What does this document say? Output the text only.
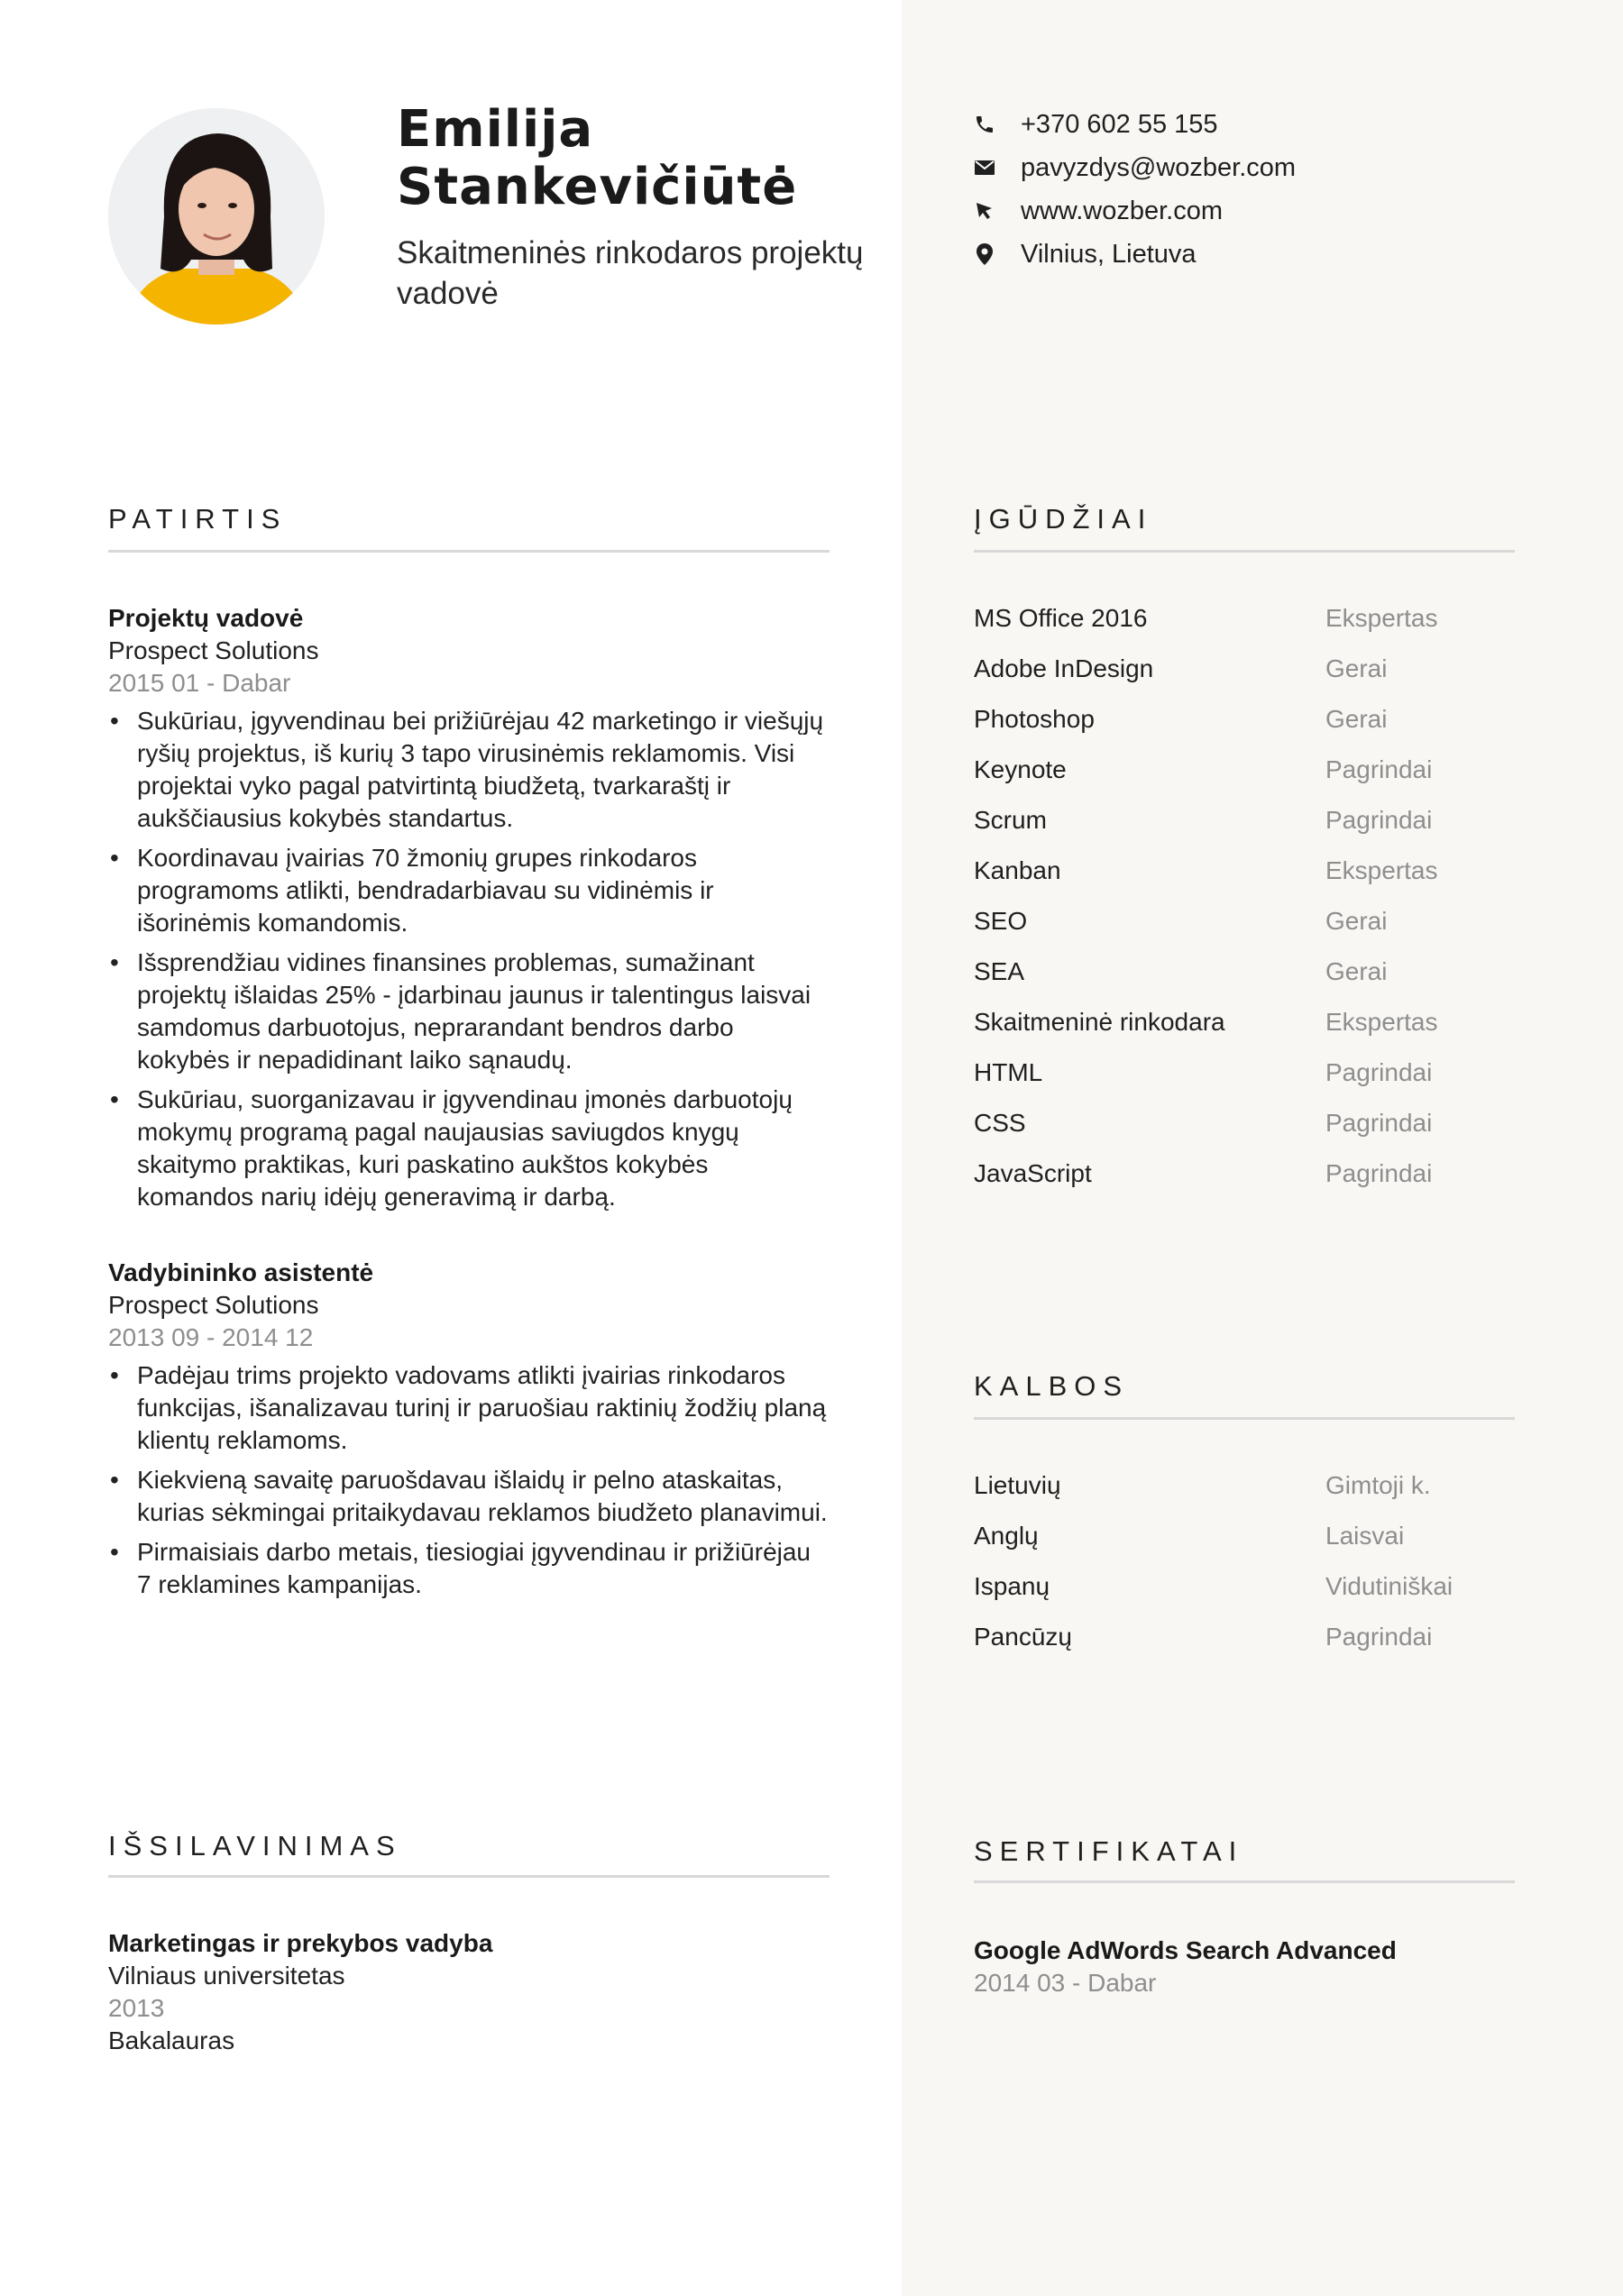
Emilija Stankevičiūtė
Skaitmeninės rinkodaros projektų vadovė
+370 602 55 155
pavyzdys@wozber.com
www.wozber.com
Vilnius, Lietuva
PATIRTIS
Projektų vadovė
Prospect Solutions
2015 01 - Dabar
• Sukūriau, įgyvendinau bei prižiūrėjau 42 marketingo ir viešųjų ryšių projektus, iš kurių 3 tapo virusinėmis reklamomis. Visi projektai vyko pagal patvirtintą biudžetą, tvarkaraštį ir aukščiausius kokybės standartus.
• Koordinavau įvairias 70 žmonių grupes rinkodaros programoms atlikti, bendradarbiavau su vidinėmis ir išorinėmis komandomis.
• Išsprendžiau vidines finansines problemas, sumažinant projektų išlaidas 25% - įdarbinau jaunus ir talentingus laisvai samdomus darbuotojus, neprarandant bendros darbo kokybės ir nepadidinant laiko sąnaudų.
• Sukūriau, suorganizavau ir įgyvendinau įmonės darbuotojų mokymų programą pagal naujausias saviugdos knygų skaitymo praktikas, kuri paskatino aukštos kokybės komandos narių idėjų generavimą ir darbą.
Vadybininko asistentė
Prospect Solutions
2013 09 - 2014 12
• Padėjau trims projekto vadovams atlikti įvairias rinkodaros funkcijas, išanalizavau turinį ir paruošiau raktinių žodžių planą klientų reklamoms.
• Kiekvieną savaitę paruošdavau išlaidų ir pelno ataskaitas, kurias sėkmingai pritaikydavau reklamos biudžeto planavimui.
• Pirmaisiais darbo metais, tiesiogiai įgyvendinau ir prižiūrėjau 7 reklamines kampanijas.
IŠSILAVINIMAS
Marketingas ir prekybos vadyba
Vilniaus universitetas
2013
Bakalauras
ĮGŪDŽIAI
MS Office 2016	Ekspertas
Adobe InDesign	Gerai
Photoshop	Gerai
Keynote	Pagrindai
Scrum	Pagrindai
Kanban	Ekspertas
SEO	Gerai
SEA	Gerai
Skaitmeninė rinkodara	Ekspertas
HTML	Pagrindai
CSS	Pagrindai
JavaScript	Pagrindai
KALBOS
Lietuvių	Gimtoji k.
Anglų	Laisvai
Ispanų	Vidutiniškai
Pancūzų	Pagrindai
SERTIFIKATAI
Google AdWords Search Advanced
2014 03 - Dabar
